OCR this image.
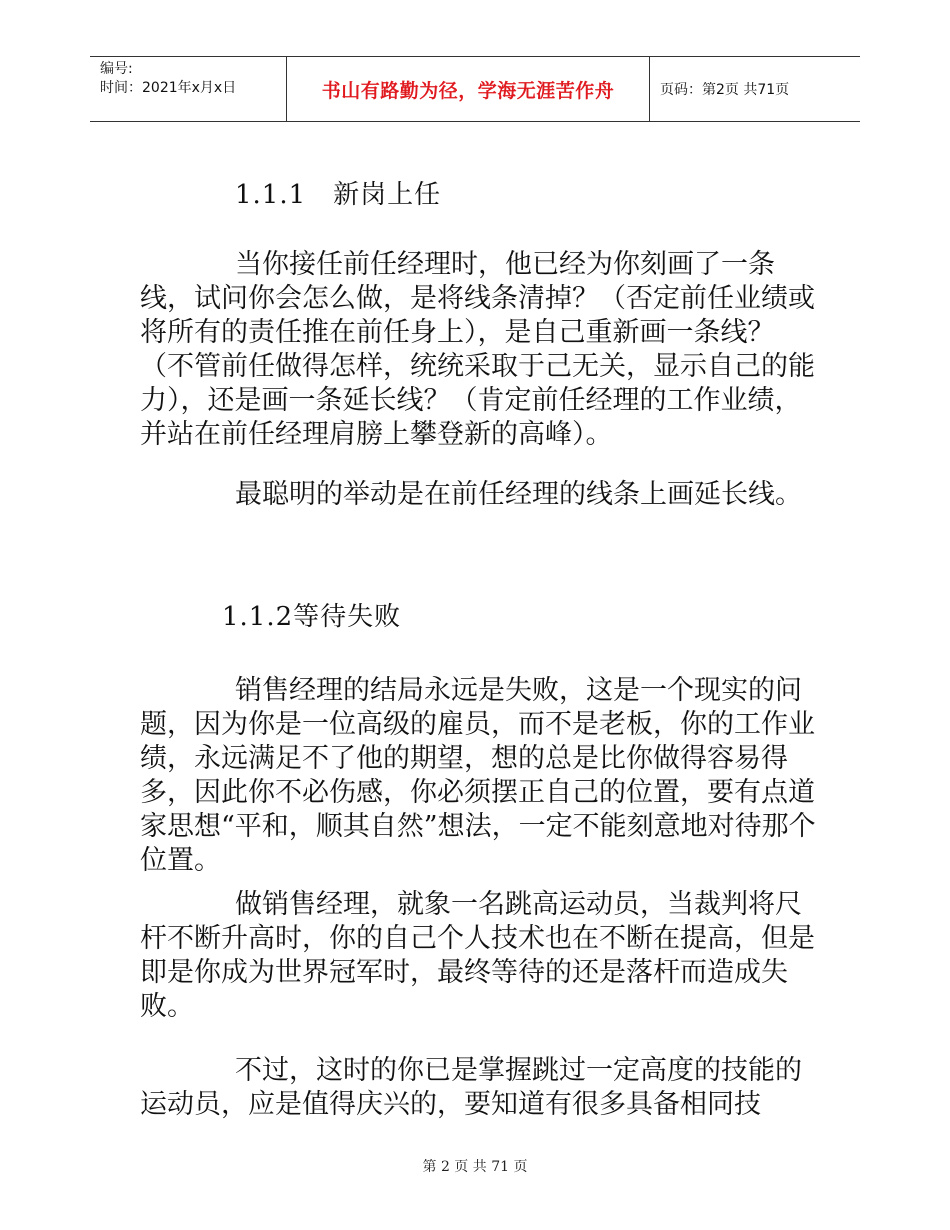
编号:
时间：2021年x月x日	书山有路勤为径，学海无涯苦作舟	页码：第2页 共71页

1.1.1　新岗上任

当你接任前任经理时，他已经为你刻画了一条线，试问你会怎么做，是将线条清掉？（否定前任业绩或将所有的责任推在前任身上），是自己重新画一条线？（不管前任做得怎样，统统采取于己无关，显示自己的能力），还是画一条延长线？（肯定前任经理的工作业绩，并站在前任经理肩膀上攀登新的高峰）。

最聪明的举动是在前任经理的线条上画延长线。

1.1.2等待失败

销售经理的结局永远是失败，这是一个现实的问题，因为你是一位高级的雇员，而不是老板，你的工作业绩，永远满足不了他的期望，想的总是比你做得容易得多，因此你不必伤感，你必须摆正自己的位置，要有点道家思想“平和，顺其自然”想法，一定不能刻意地对待那个位置。

做销售经理，就象一名跳高运动员，当裁判将尺杆不断升高时，你的自己个人技术也在不断在提高，但是即是你成为世界冠军时，最终等待的还是落杆而造成失败。

不过，这时的你已是掌握跳过一定高度的技能的运动员，应是值得庆兴的，要知道有很多具备相同技

第 2 页 共 71 页
